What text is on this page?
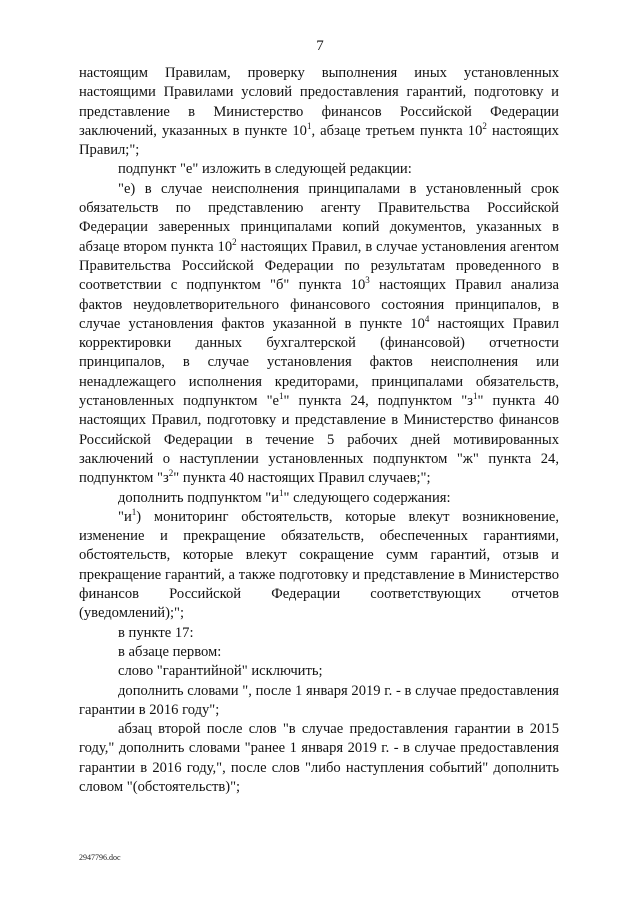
7

настоящим Правилам, проверку выполнения иных установленных настоящими Правилами условий предоставления гарантий, подготовку и представление в Министерство финансов Российской Федерации заключений, указанных в пункте $10^1$, абзаце третьем пункта $10^2$ настоящих Правил;";

подпункт "е" изложить в следующей редакции:

"е) в случае неисполнения принципалами в установленный срок обязательств по представлению агенту Правительства Российской Федерации заверенных принципалами копий документов, указанных в абзаце втором пункта $10^2$ настоящих Правил, в случае установления агентом Правительства Российской Федерации по результатам проведенного в соответствии с подпунктом "б" пункта $10^3$ настоящих Правил анализа фактов неудовлетворительного финансового состояния принципалов, в случае установления фактов указанной в пункте $10^4$ настоящих Правил корректировки данных бухгалтерской (финансовой) отчетности принципалов, в случае установления фактов неисполнения или ненадлежащего исполнения кредиторами, принципалами обязательств, установленных подпунктом "$е^1$" пункта 24, подпунктом "$з^1$" пункта 40 настоящих Правил, подготовку и представление в Министерство финансов Российской Федерации в течение 5 рабочих дней мотивированных заключений о наступлении установленных подпунктом "ж" пункта 24, подпунктом "$з^2$" пункта 40 настоящих Правил случаев;";

дополнить подпунктом "$и^1$" следующего содержания:

"$и^1$) мониторинг обстоятельств, которые влекут возникновение, изменение и прекращение обязательств, обеспеченных гарантиями, обстоятельств, которые влекут сокращение сумм гарантий, отзыв и прекращение гарантий, а также подготовку и представление в Министерство финансов Российской Федерации соответствующих отчетов (уведомлений);";

в пункте 17:

в абзаце первом:

слово "гарантийной" исключить;

дополнить словами ", после 1 января 2019 г. - в случае предоставления гарантии в 2016 году";

абзац второй после слов "в случае предоставления гарантии в 2015 году," дополнить словами "ранее 1 января 2019 г. - в случае предоставления гарантии в 2016 году,", после слов "либо наступления событий" дополнить словом "(обстоятельств)";

2947796.doc
